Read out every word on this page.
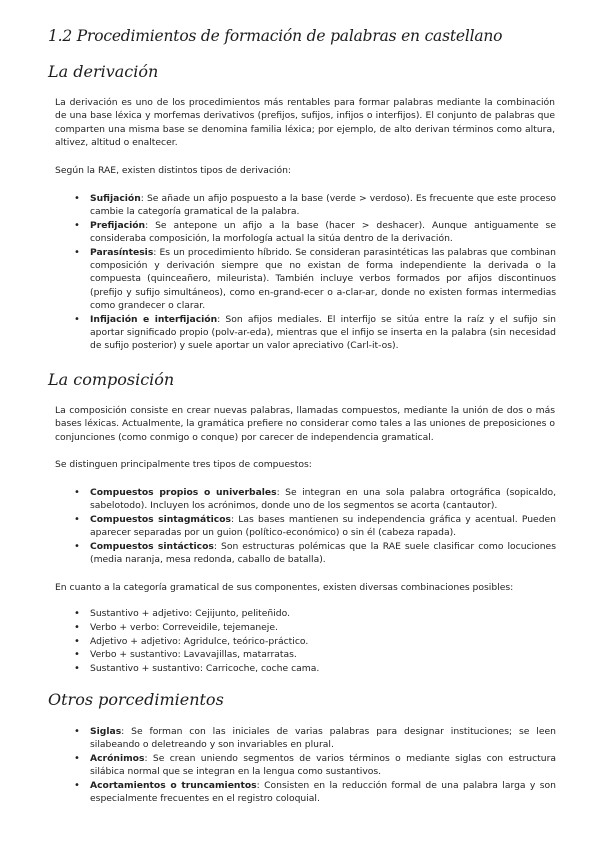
1.2 Procedimientos de formación de palabras en castellano
La derivación

La derivación es uno de los procedimientos más rentables para formar palabras mediante la combinación de una base léxica y morfemas derivativos (prefijos, sufijos, infijos o interfijos). El conjunto de palabras que comparten una misma base se denomina familia léxica; por ejemplo, de alto derivan términos como altura, altivez, altitud o enaltecer.

Según la RAE, existen distintos tipos de derivación:

• Sufijación: Se añade un afijo pospuesto a la base (verde > verdoso). Es frecuente que este proceso cambie la categoría gramatical de la palabra.
• Prefijación: Se antepone un afijo a la base (hacer > deshacer). Aunque antiguamente se consideraba composición, la morfología actual la sitúa dentro de la derivación.
• Parasíntesis: Es un procedimiento híbrido. Se consideran parasintéticas las palabras que combinan composición y derivación siempre que no existan de forma independiente la derivada o la compuesta (quinceañero, mileurista). También incluye verbos formados por afijos discontinuos (prefijo y sufijo simultáneos), como en-grand-ecer o a-clar-ar, donde no existen formas intermedias como grandecer o clarar.
• Infijación e interfijación: Son afijos mediales. El interfijo se sitúa entre la raíz y el sufijo sin aportar significado propio (polv-ar-eda), mientras que el infijo se inserta en la palabra (sin necesidad de sufijo posterior) y suele aportar un valor apreciativo (Carl-it-os).
La composición

La composición consiste en crear nuevas palabras, llamadas compuestos, mediante la unión de dos o más bases léxicas. Actualmente, la gramática prefiere no considerar como tales a las uniones de preposiciones o conjunciones (como conmigo o conque) por carecer de independencia gramatical.

Se distinguen principalmente tres tipos de compuestos:

• Compuestos propios o univerbales: Se integran en una sola palabra ortográfica (sopicaldo, sabelotodo). Incluyen los acrónimos, donde uno de los segmentos se acorta (cantautor).
• Compuestos sintagmáticos: Las bases mantienen su independencia gráfica y acentual. Pueden aparecer separadas por un guion (político-económico) o sin él (cabeza rapada).
• Compuestos sintácticos: Son estructuras polémicas que la RAE suele clasificar como locuciones (media naranja, mesa redonda, caballo de batalla).

En cuanto a la categoría gramatical de sus componentes, existen diversas combinaciones posibles:

• Sustantivo + adjetivo: Cejijunto, peliteñido.
• Verbo + verbo: Correveidile, tejemaneje.
• Adjetivo + adjetivo: Agridulce, teórico-práctico.
• Verbo + sustantivo: Lavavajillas, matarratas.
• Sustantivo + sustantivo: Carricoche, coche cama.
Otros porcedimientos
• Siglas: Se forman con las iniciales de varias palabras para designar instituciones; se leen silabeando o deletreando y son invariables en plural.
• Acrónimos: Se crean uniendo segmentos de varios términos o mediante siglas con estructura silábica normal que se integran en la lengua como sustantivos.
• Acortamientos o truncamientos: Consisten en la reducción formal de una palabra larga y son especialmente frecuentes en el registro coloquial.
